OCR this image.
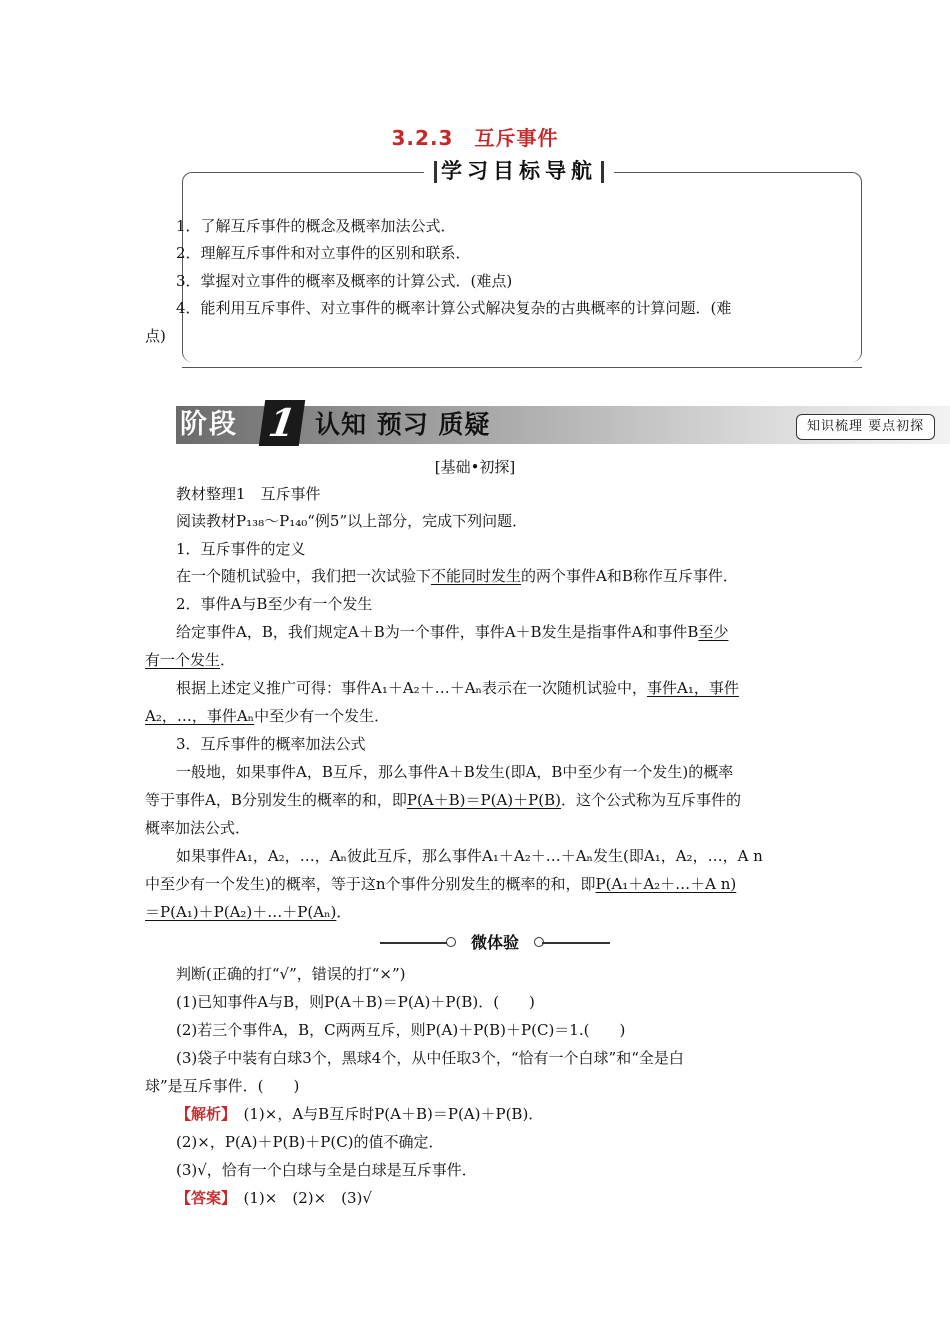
3.2.3　互斥事件
学习目标导航
1．了解互斥事件的概念及概率加法公式．
2．理解互斥事件和对立事件的区别和联系．
3．掌握对立事件的概率及概率的计算公式．(难点)
4．能利用互斥事件、对立事件的概率计算公式解决复杂的古典概率的计算问题．(难
点)
阶段 1 认知 预习 质疑	知识梳理 要点初探
[基础•初探]
教材整理1　互斥事件
阅读教材P₁₃₈～P₁₄₀“例5”以上部分，完成下列问题．
1．互斥事件的定义
在一个随机试验中，我们把一次试验下不能同时发生的两个事件A和B称作互斥事件．
2．事件A与B至少有一个发生
给定事件A，B，我们规定A＋B为一个事件，事件A＋B发生是指事件A和事件B至少
有一个发生．
根据上述定义推广可得：事件A₁＋A₂＋…＋Aₙ表示在一次随机试验中，事件A₁，事件
A₂，…，事件Aₙ中至少有一个发生．
3．互斥事件的概率加法公式
一般地，如果事件A，B互斥，那么事件A＋B发生(即A，B中至少有一个发生)的概率
等于事件A，B分别发生的概率的和，即P(A＋B)＝P(A)＋P(B)．这个公式称为互斥事件的
概率加法公式．
如果事件A₁，A₂，…，Aₙ彼此互斥，那么事件A₁＋A₂＋…＋Aₙ发生(即A₁，A₂，…，A n
中至少有一个发生)的概率，等于这n个事件分别发生的概率的和，即P(A₁＋A₂＋…＋A n)
＝P(A₁)＋P(A₂)＋…＋P(Aₙ)．
微体验
判断(正确的打“√”，错误的打“×”)
(1)已知事件A与B，则P(A＋B)＝P(A)＋P(B)．(　　)
(2)若三个事件A，B，C两两互斥，则P(A)＋P(B)＋P(C)＝1.(　　)
(3)袋子中装有白球3个，黑球4个，从中任取3个，“恰有一个白球”和“全是白
球”是互斥事件．(　　)
【解析】　 (1)×，A与B互斥时P(A＋B)＝P(A)＋P(B)．
(2)×，P(A)＋P(B)＋P(C)的值不确定．
(3)√，恰有一个白球与全是白球是互斥事件．
【答案】　 (1)×　(2)×　(3)√
